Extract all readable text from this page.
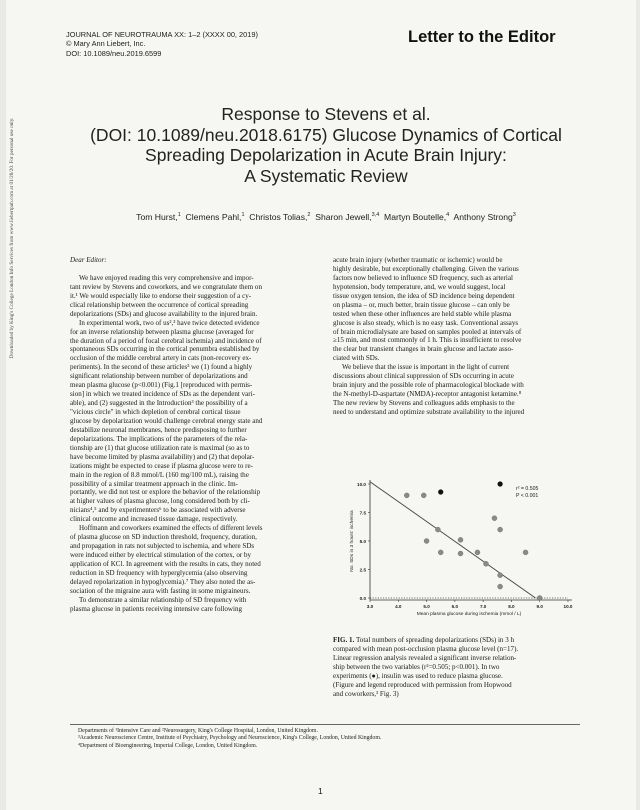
JOURNAL OF NEUROTRAUMA XX: 1–2 (XXXX 00, 2019)
© Mary Ann Liebert, Inc.
DOI: 10.1089/neu.2019.6599
Letter to the Editor
Response to Stevens et al.
(DOI: 10.1089/neu.2018.6175) Glucose Dynamics of Cortical
Spreading Depolarization in Acute Brain Injury:
A Systematic Review
Tom Hurst,$^1$ Clemens Pahl,$^1$ Christos Tolias,$^2$ Sharon Jewell,$^{3,4}$ Martyn Boutelle,$^4$ Anthony Strong$^3$
Dear Editor:
We have enjoyed reading this very comprehensive and impor-
tant review by Stevens and coworkers, and we congratulate them on
it.¹ We would especially like to endorse their suggestion of a cy-
clical relationship between the occurrence of cortical spreading
depolarizations (SDs) and glucose availability to the injured brain.
In experimental work, two of us²,³ have twice detected evidence
for an inverse relationship between plasma glucose (averaged for
the duration of a period of focal cerebral ischemia) and incidence of
spontaneous SDs occurring in the cortical penumbra established by
occlusion of the middle cerebral artery in cats (non-recovery ex-
periments). In the second of these articles³ we (1) found a highly
significant relationship between number of depolarizations and
mean plasma glucose (p<0.001) (Fig.1 [reproduced with permis-
sion] in which we treated incidence of SDs as the dependent vari-
able), and (2) suggested in the Introduction³ the possibility of a
"vicious circle" in which depletion of cerebral cortical tissue
glucose by depolarization would challenge cerebral energy state and
destabilize neuronal membranes, hence predisposing to further
depolarizations. The implications of the parameters of the rela-
tionship are (1) that glucose utilization rate is maximal (so as to
have become limited by plasma availability) and (2) that depolar-
izations might be expected to cease if plasma glucose were to re-
main in the region of 8.8 mmol/L (160 mg/100 mL), raising the
possibility of a similar treatment approach in the clinic. Im-
portantly, we did not test or explore the behavior of the relationship
at higher values of plasma glucose, long considered both by cli-
nicians⁴,⁵ and by experimenters⁶ to be associated with adverse
clinical outcome and increased tissue damage, respectively.
Hoffmann and coworkers examined the effects of different levels
of plasma glucose on SD induction threshold, frequency, duration,
and propagation in rats not subjected to ischemia, and where SDs
were induced either by electrical stimulation of the cortex, or by
application of KCl. In agreement with the results in cats, they noted
reduction in SD frequency with hyperglycemia (also observing
delayed repolarization in hypoglycemia).⁷ They also noted the as-
sociation of the migraine aura with fasting in some migraineurs.
To demonstrate a similar relationship of SD frequency with
plasma glucose in patients receiving intensive care following
acute brain injury (whether traumatic or ischemic) would be
highly desirable, but exceptionally challenging. Given the various
factors now believed to influence SD frequency, such as arterial
hypotension, body temperature, and, we would suggest, local
tissue oxygen tension, the idea of SD incidence being dependent
on plasma – or, much better, brain tissue glucose – can only be
tested when these other influences are held stable while plasma
glucose is also steady, which is no easy task. Conventional assays
of brain microdialysate are based on samples pooled at intervals of
≥15 min, and most commonly of 1 h. This is insufficient to resolve
the clear but transient changes in brain glucose and lactate asso-
ciated with SDs.
We believe that the issue is important in the light of current
discussions about clinical suppression of SDs occurring in acute
brain injury and the possible role of pharmacological blockade with
the N-methyl-D-aspartate (NMDA)-receptor antagonist ketamine.⁸
The new review by Stevens and colleagues adds emphasis to the
need to understand and optimize substrate availability to the injured
0.0
2.5
5.0
7.5
10.0
3.0	4.0	5.0	6.0	7.0	8.0	9.0	10.0
Mean plasma glucose during ischemia (mmol / L)
No. SDs in 3 hours' ischemia
r² = 0.505
P < 0.001
FIG. 1. Total numbers of spreading depolarizations (SDs) in 3 h
compared with mean post-occlusion plasma glucose level (n=17).
Linear regression analysis revealed a significant inverse relation-
ship between the two variables (r²=0.505; p<0.001). In two
experiments (●), insulin was used to reduce plasma glucose.
(Figure and legend reproduced with permission from Hopwood
and coworkers,³ Fig. 3)
Departments of ¹Intensive Care and ²Neurosurgery, King's College Hospital, London, United Kingdom.
³Academic Neuroscience Centre, Institute of Psychiatry, Psychology and Neuroscience, King's College, London, United Kingdom.
⁴Department of Bioengineering, Imperial College, London, United Kingdom.
1
Downloaded by King's College London Info Services from www.liebertpub.com at 01/28/20. For personal use only.
